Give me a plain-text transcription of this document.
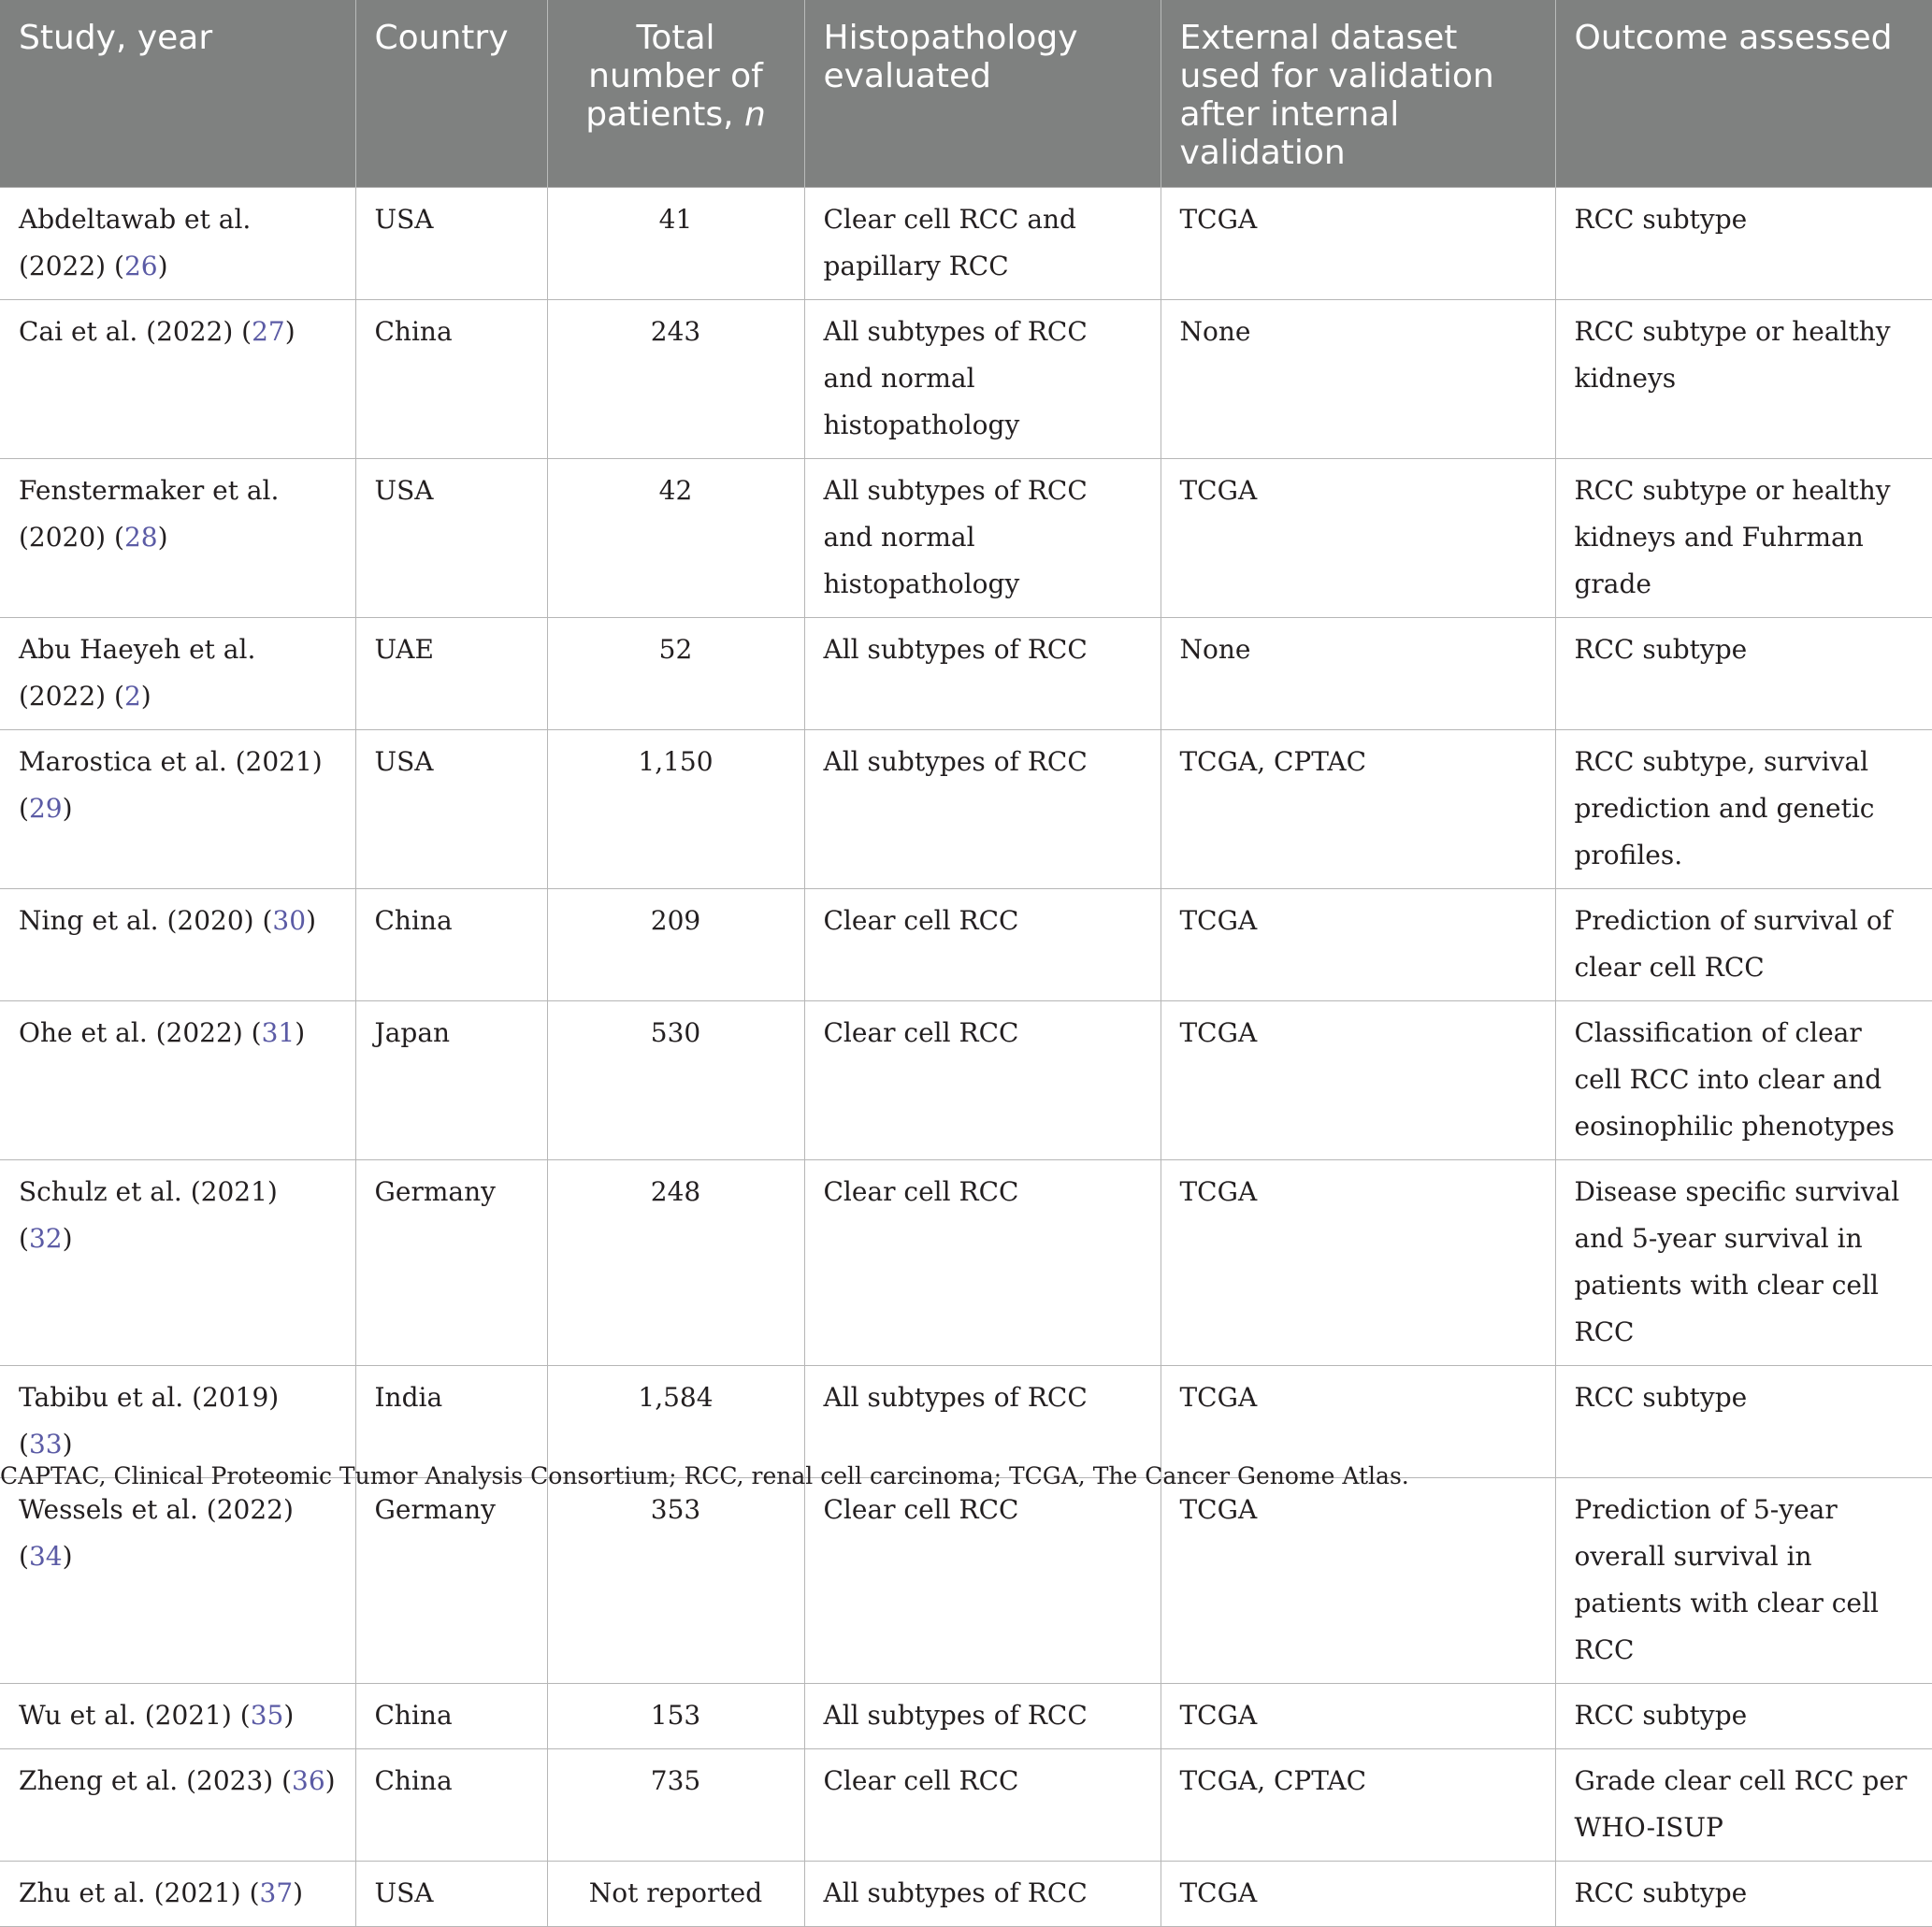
Study, year	Country	Total number of patients, n	Histopathology evaluated	External dataset used for validation after internal validation	Outcome assessed
Abdeltawab et al. (2022) (26)	USA	41	Clear cell RCC and papillary RCC	TCGA	RCC subtype
Cai et al. (2022) (27)	China	243	All subtypes of RCC and normal histopathology	None	RCC subtype or healthy kidneys
Fenstermaker et al. (2020) (28)	USA	42	All subtypes of RCC and normal histopathology	TCGA	RCC subtype or healthy kidneys and Fuhrman grade
Abu Haeyeh et al. (2022) (2)	UAE	52	All subtypes of RCC	None	RCC subtype
Marostica et al. (2021) (29)	USA	1,150	All subtypes of RCC	TCGA, CPTAC	RCC subtype, survival prediction and genetic profiles.
Ning et al. (2020) (30)	China	209	Clear cell RCC	TCGA	Prediction of survival of clear cell RCC
Ohe et al. (2022) (31)	Japan	530	Clear cell RCC	TCGA	Classification of clear cell RCC into clear and eosinophilic phenotypes
Schulz et al. (2021) (32)	Germany	248	Clear cell RCC	TCGA	Disease specific survival and 5-year survival in patients with clear cell RCC
Tabibu et al. (2019) (33)	India	1,584	All subtypes of RCC	TCGA	RCC subtype
Wessels et al. (2022) (34)	Germany	353	Clear cell RCC	TCGA	Prediction of 5-year overall survival in patients with clear cell RCC
Wu et al. (2021) (35)	China	153	All subtypes of RCC	TCGA	RCC subtype
Zheng et al. (2023) (36)	China	735	Clear cell RCC	TCGA, CPTAC	Grade clear cell RCC per WHO-ISUP
Zhu et al. (2021) (37)	USA	Not reported	All subtypes of RCC	TCGA	RCC subtype
CAPTAC, Clinical Proteomic Tumor Analysis Consortium; RCC, renal cell carcinoma; TCGA, The Cancer Genome Atlas.
